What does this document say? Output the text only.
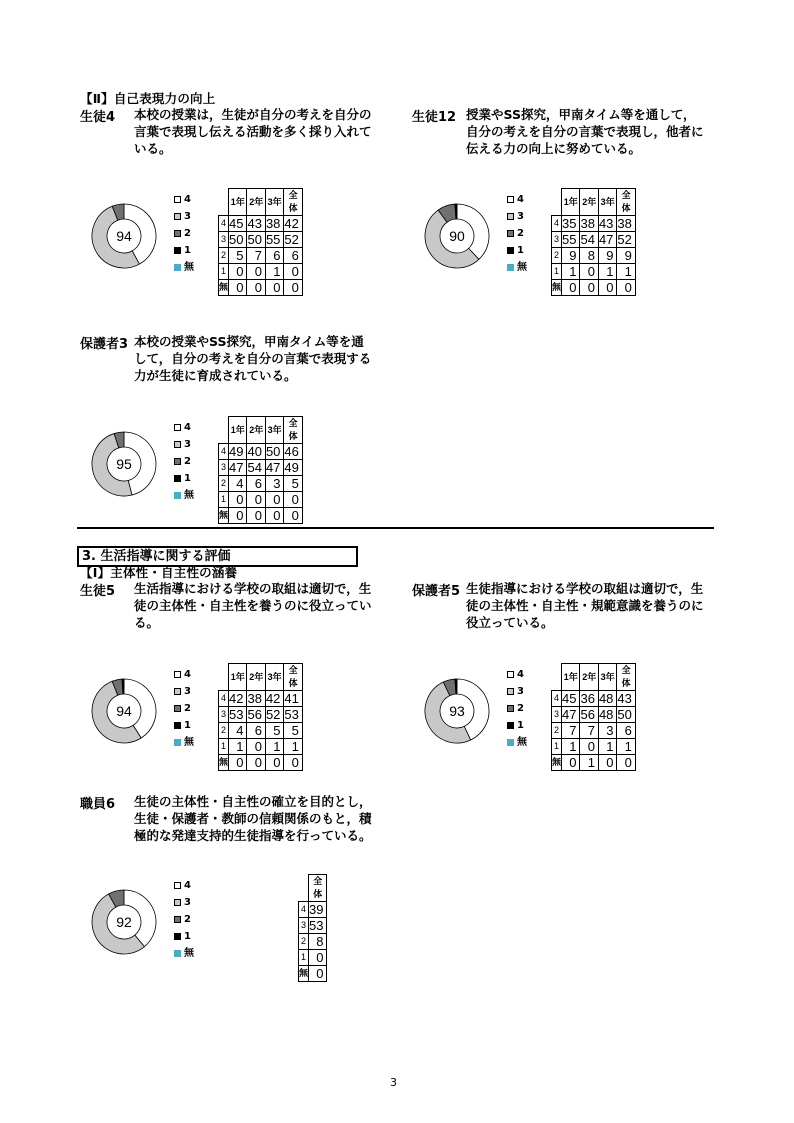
【Ⅱ】自己表現力の向上
生徒4 本校の授業は，生徒が自分の考えを自分の言葉で表現し伝える活動を多く採り入れている。
生徒12 授業やSS探究，甲南タイム等を通して，自分の考えを自分の言葉で表現し，他者に伝える力の向上に努めている。
保護者3 本校の授業やSS探究，甲南タイム等を通して，自分の考えを自分の言葉で表現する力が生徒に育成されている。
3. 生活指導に関する評価
【Ⅰ】主体性・自主性の涵養
生徒5 生活指導における学校の取組は適切で，生徒の主体性・自主性を養うのに役立っている。
保護者5 生徒指導における学校の取組は適切で，生徒の主体性・自主性・規範意識を養うのに役立っている。
職員6 生徒の主体性・自主性の確立を目的とし，生徒・保護者・教師の信頼関係のもと，積極的な発達支持的生徒指導を行っている。
94
4
3
2
1
無
	1年	2年	3年	全体
4	45	43	38	42
3	50	50	55	52
2	5	7	6	6
1	0	0	1	0
無	0	0	0	0
90
4
3
2
1
無
	1年	2年	3年	全体
4	35	38	43	38
3	55	54	47	52
2	9	8	9	9
1	1	0	1	1
無	0	0	0	0
95
4
3
2
1
無
	1年	2年	3年	全体
4	49	40	50	46
3	47	54	47	49
2	4	6	3	5
1	0	0	0	0
無	0	0	0	0
94
4
3
2
1
無
	1年	2年	3年	全体
4	42	38	42	41
3	53	56	52	53
2	4	6	5	5
1	1	0	1	1
無	0	0	0	0
93
4
3
2
1
無
	1年	2年	3年	全体
4	45	36	48	43
3	47	56	48	50
2	7	7	3	6
1	1	0	1	1
無	0	1	0	0
92
4
3
2
1
無
	全体
4	39
3	53
2	8
1	0
無	0
3
